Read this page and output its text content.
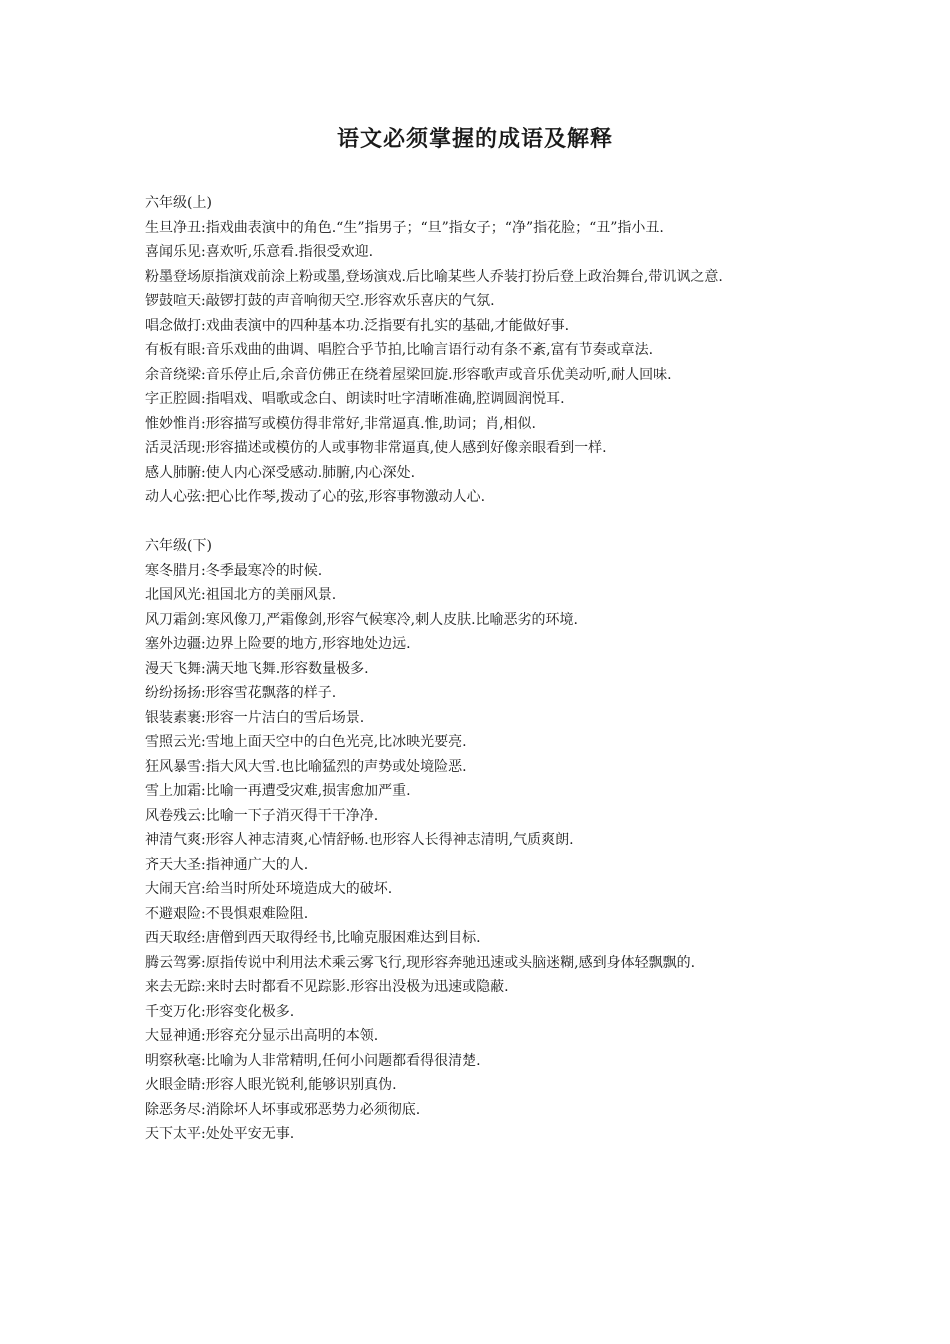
语文必须掌握的成语及解释

六年级(上)

生旦净丑:指戏曲表演中的角色.“生”指男子；“旦”指女子；“净”指花脸；“丑”指小丑.

喜闻乐见:喜欢听,乐意看.指很受欢迎.

粉墨登场原指演戏前涂上粉或墨,登场演戏.后比喻某些人乔装打扮后登上政治舞台,带讥讽之意.

锣鼓喧天:敲锣打鼓的声音响彻天空.形容欢乐喜庆的气氛.

唱念做打:戏曲表演中的四种基本功.泛指要有扎实的基础,才能做好事.

有板有眼:音乐戏曲的曲调、唱腔合乎节拍,比喻言语行动有条不紊,富有节奏或章法.

余音绕梁:音乐停止后,余音仿佛正在绕着屋梁回旋.形容歌声或音乐优美动听,耐人回味.

字正腔圆:指唱戏、唱歌或念白、朗读时吐字清晰准确,腔调圆润悦耳.

惟妙惟肖:形容描写或模仿得非常好,非常逼真.惟,助词；肖,相似.

活灵活现:形容描述或模仿的人或事物非常逼真,使人感到好像亲眼看到一样.

感人肺腑:使人内心深受感动.肺腑,内心深处.

动人心弦:把心比作琴,拨动了心的弦,形容事物激动人心.

六年级(下)

寒冬腊月:冬季最寒冷的时候.

北国风光:祖国北方的美丽风景.

风刀霜剑:寒风像刀,严霜像剑,形容气候寒冷,刺人皮肤.比喻恶劣的环境.

塞外边疆:边界上险要的地方,形容地处边远.

漫天飞舞:满天地飞舞.形容数量极多.

纷纷扬扬:形容雪花飘落的样子.

银装素裹:形容一片洁白的雪后场景.

雪照云光:雪地上面天空中的白色光亮,比冰映光要亮.

狂风暴雪:指大风大雪.也比喻猛烈的声势或处境险恶.

雪上加霜:比喻一再遭受灾难,损害愈加严重.

风卷残云:比喻一下子消灭得干干净净.

神清气爽:形容人神志清爽,心情舒畅.也形容人长得神志清明,气质爽朗.

齐天大圣:指神通广大的人.

大闹天宫:给当时所处环境造成大的破坏.

不避艰险:不畏惧艰难险阻.

西天取经:唐僧到西天取得经书,比喻克服困难达到目标.

腾云驾雾:原指传说中利用法术乘云雾飞行,现形容奔驰迅速或头脑迷糊,感到身体轻飘飘的.

来去无踪:来时去时都看不见踪影.形容出没极为迅速或隐蔽.

千变万化:形容变化极多.

大显神通:形容充分显示出高明的本领.

明察秋毫:比喻为人非常精明,任何小问题都看得很清楚.

火眼金睛:形容人眼光锐利,能够识别真伪.

除恶务尽:消除坏人坏事或邪恶势力必须彻底.

天下太平:处处平安无事.
